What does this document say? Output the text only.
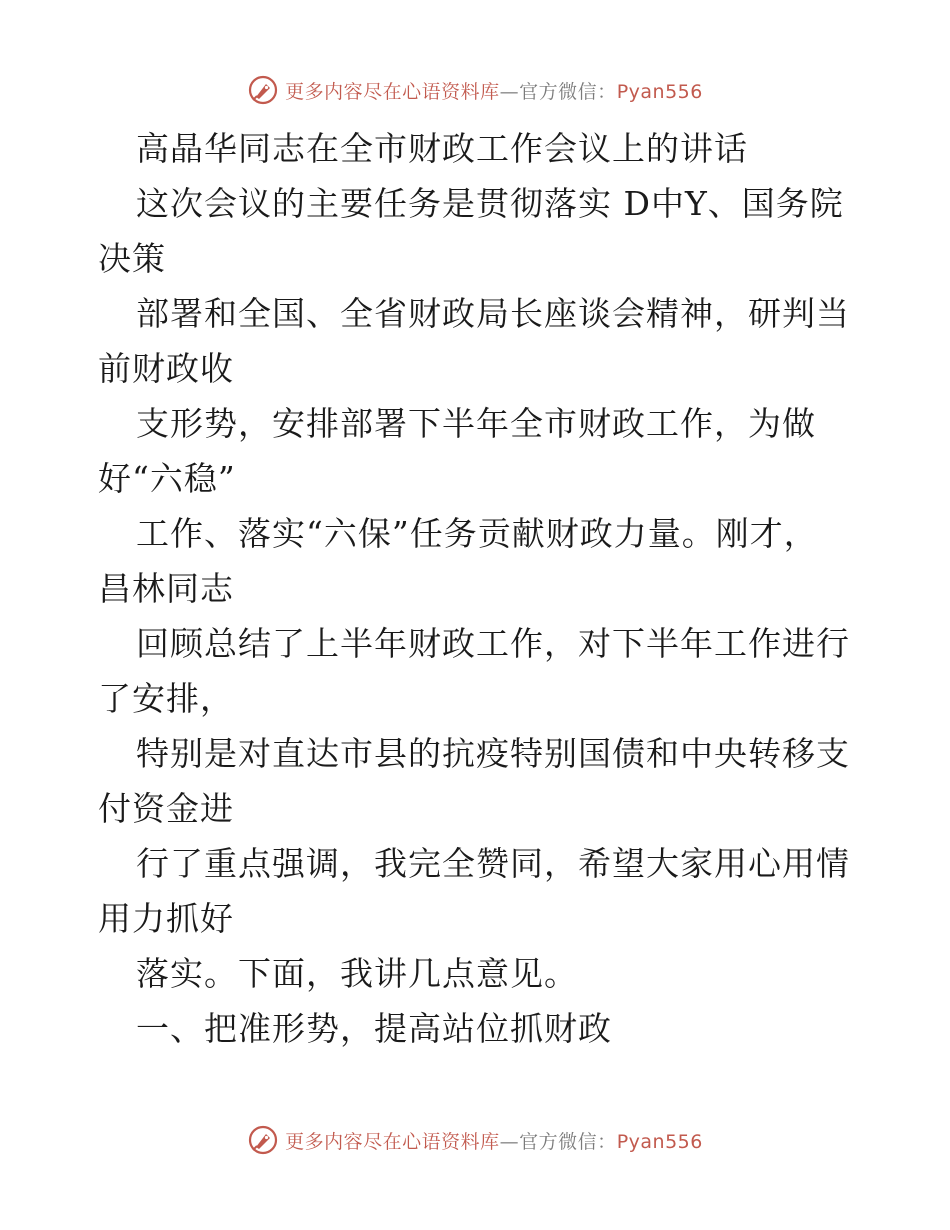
更多内容尽在心语资料库—官方微信：Pyan556
高晶华同志在全市财政工作会议上的讲话
这次会议的主要任务是贯彻落实 D中Y、国务院
决策
部署和全国、全省财政局长座谈会精神，研判当
前财政收
支形势，安排部署下半年全市财政工作，为做
好“六稳”
工作、落实“六保”任务贡献财政力量。刚才，
昌林同志
回顾总结了上半年财政工作，对下半年工作进行
了安排，
特别是对直达市县的抗疫特别国债和中央转移支
付资金进
行了重点强调，我完全赞同，希望大家用心用情
用力抓好
落实。下面，我讲几点意见。
一、把准形势，提高站位抓财政
更多内容尽在心语资料库—官方微信：Pyan556
